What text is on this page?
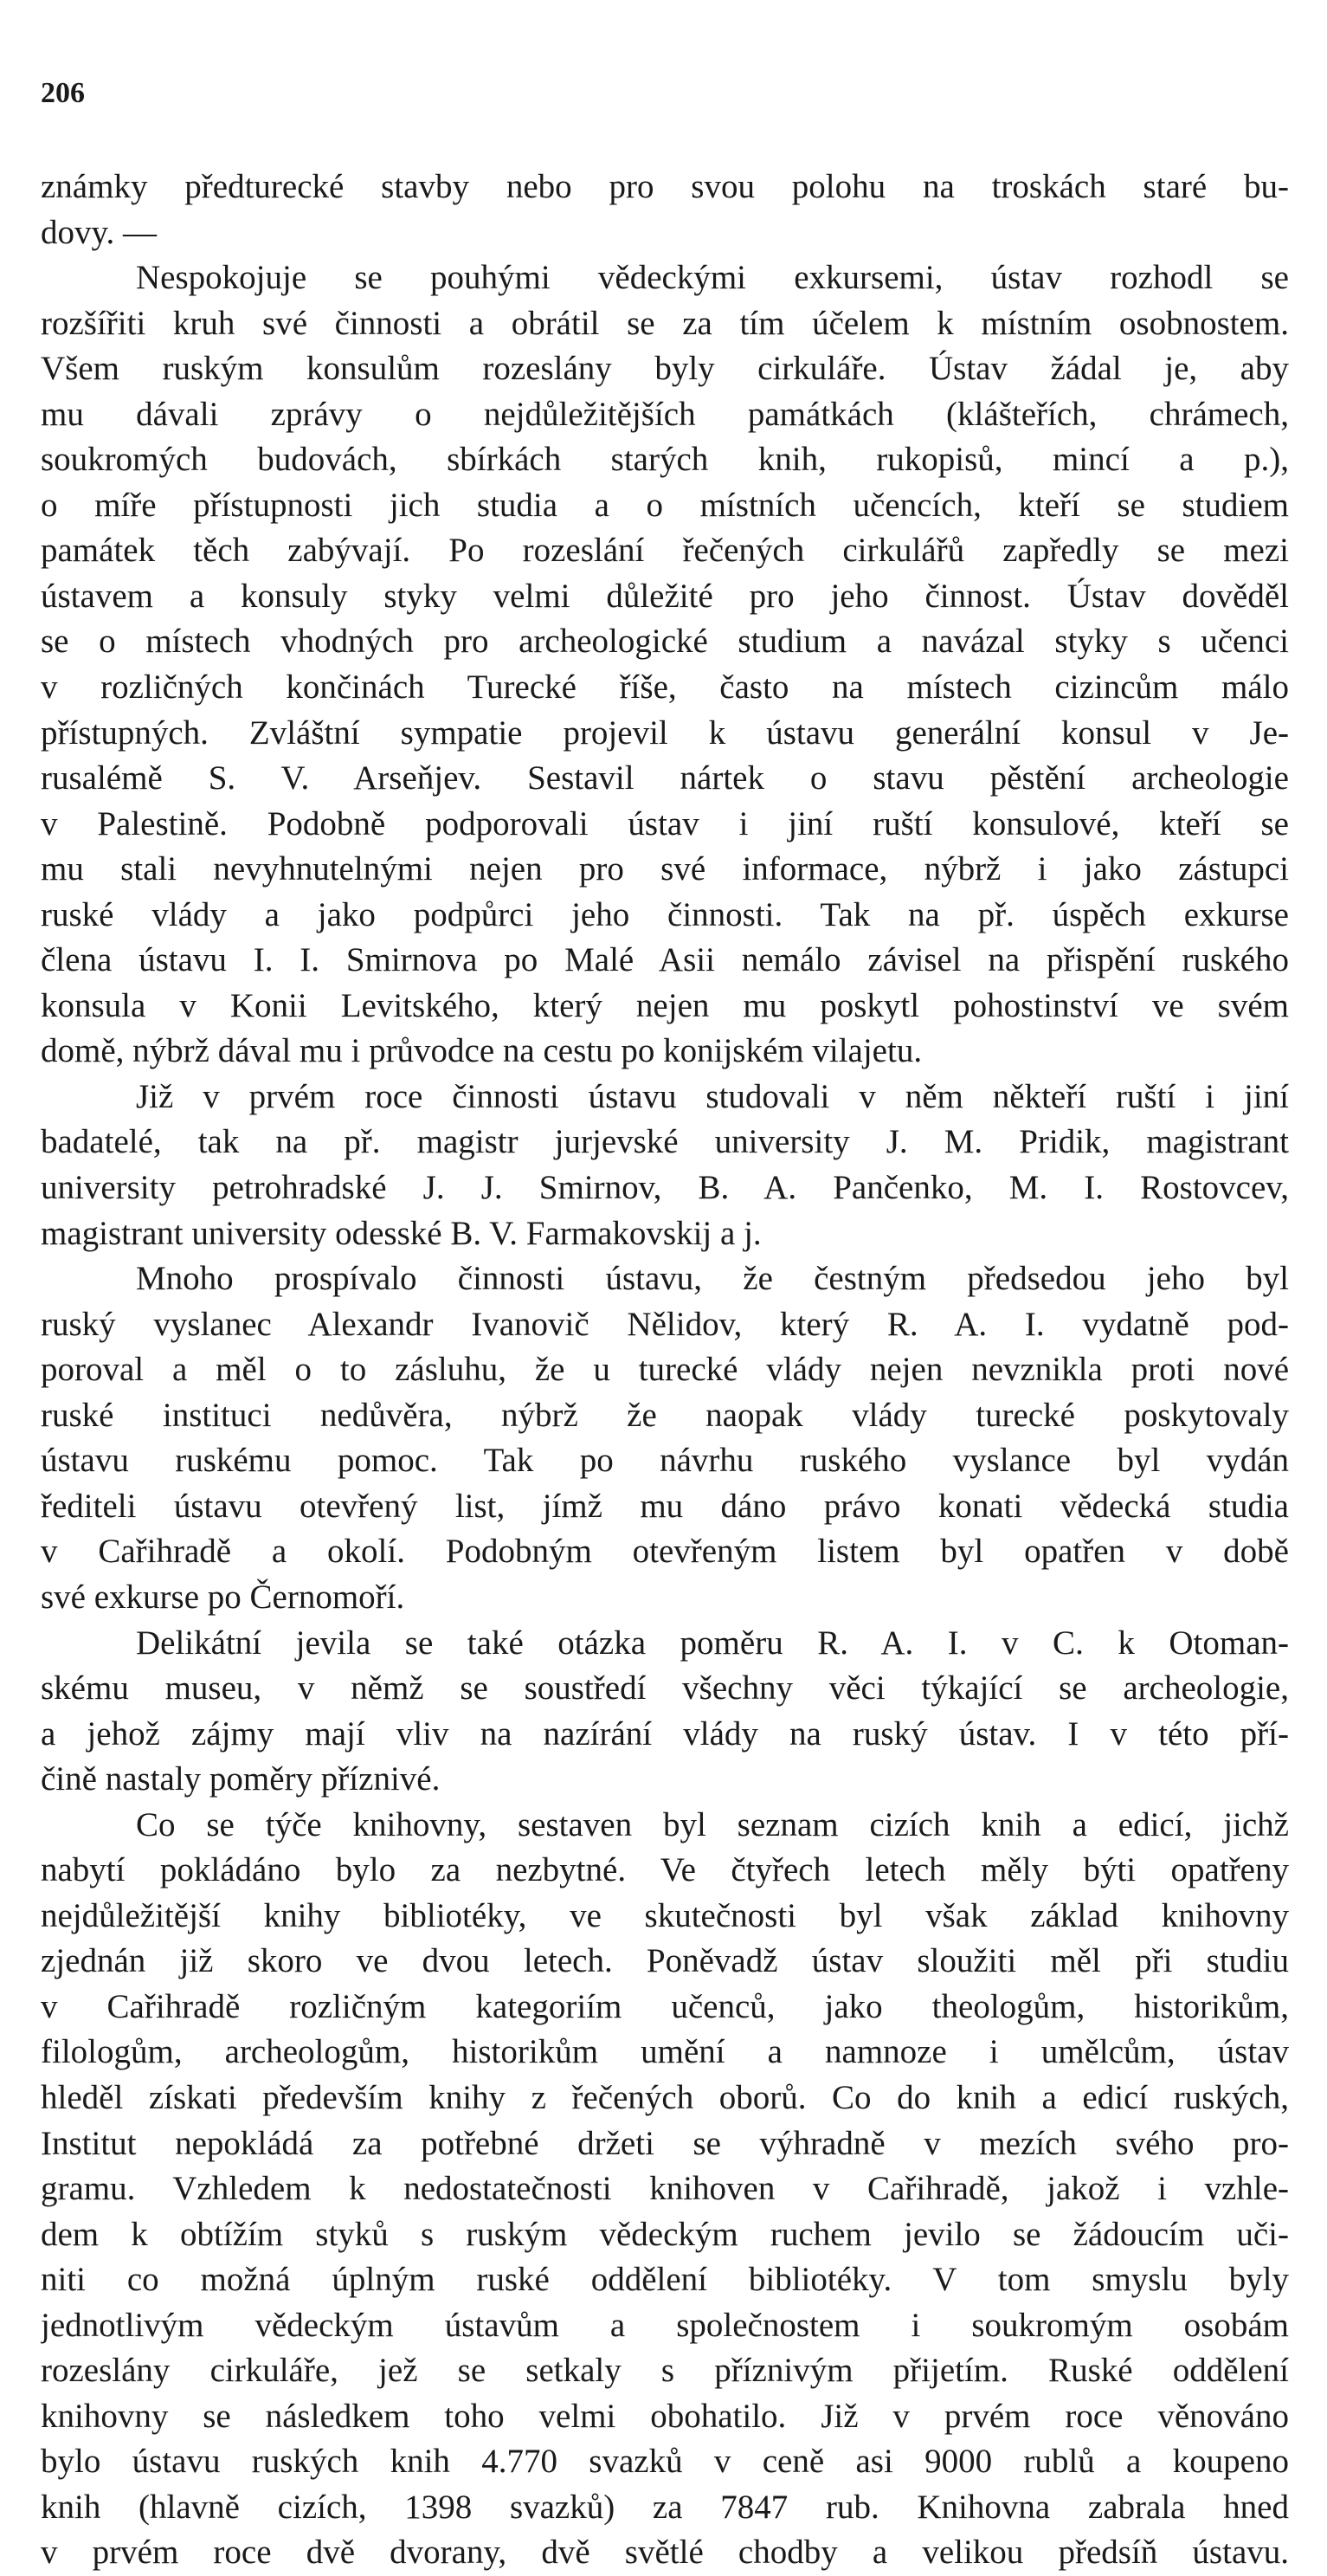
206
známky předturecké stavby nebo pro svou polohu na troskách staré bu-
dovy. —
Nespokojuje se pouhými vědeckými exkursemi, ústav rozhodl se
rozšířiti kruh své činnosti a obrátil se za tím účelem k místním osobnostem.
Všem ruským konsulům rozeslány byly cirkuláře. Ústav žádal je, aby
mu dávali zprávy o nejdůležitějších památkách (klášteřích, chrámech,
soukromých budovách, sbírkách starých knih, rukopisů, mincí a p.),
o míře přístupnosti jich studia a o místních učencích, kteří se studiem
památek těch zabývají. Po rozeslání řečených cirkulářů zapředly se mezi
ústavem a konsuly styky velmi důležité pro jeho činnost. Ústav dověděl
se o místech vhodných pro archeologické studium a navázal styky s učenci
v rozličných končinách Turecké říše, často na místech cizincům málo
přístupných. Zvláštní sympatie projevil k ústavu generální konsul v Je-
rusalémě S. V. Arseňjev. Sestavil nártek o stavu pěstění archeologie
v Palestině. Podobně podporovali ústav i jiní ruští konsulové, kteří se
mu stali nevyhnutelnými nejen pro své informace, nýbrž i jako zástupci
ruské vlády a jako podpůrci jeho činnosti. Tak na př. úspěch exkurse
člena ústavu I. I. Smirnova po Malé Asii nemálo závisel na přispění ruského
konsula v Konii Levitského, který nejen mu poskytl pohostinství ve svém
domě, nýbrž dával mu i průvodce na cestu po konijském vilajetu.
Již v prvém roce činnosti ústavu studovali v něm někteří ruští i jiní
badatelé, tak na př. magistr jurjevské university J. M. Pridik, magistrant
university petrohradské J. J. Smirnov, B. A. Pančenko, M. I. Rostovcev,
magistrant university odesské B. V. Farmakovskij a j.
Mnoho prospívalo činnosti ústavu, že čestným předsedou jeho byl
ruský vyslanec Alexandr Ivanovič Nělidov, který R. A. I. vydatně pod-
poroval a měl o to zásluhu, že u turecké vlády nejen nevznikla proti nové
ruské instituci nedůvěra, nýbrž že naopak vlády turecké poskytovaly
ústavu ruskému pomoc. Tak po návrhu ruského vyslance byl vydán
řediteli ústavu otevřený list, jímž mu dáno právo konati vědecká studia
v Cařihradě a okolí. Podobným otevřeným listem byl opatřen v době
své exkurse po Černomoří.
Delikátní jevila se také otázka poměru R. A. I. v C. k Otoman-
skému museu, v němž se soustředí všechny věci týkající se archeologie,
a jehož zájmy mají vliv na nazírání vlády na ruský ústav. I v této pří-
čině nastaly poměry příznivé.
Co se týče knihovny, sestaven byl seznam cizích knih a edicí, jichž
nabytí pokládáno bylo za nezbytné. Ve čtyřech letech měly býti opatřeny
nejdůležitější knihy bibliotéky, ve skutečnosti byl však základ knihovny
zjednán již skoro ve dvou letech. Poněvadž ústav sloužiti měl při studiu
v Cařihradě rozličným kategoriím učenců, jako theologům, historikům,
filologům, archeologům, historikům umění a namnoze i umělcům, ústav
hleděl získati především knihy z řečených oborů. Co do knih a edicí ruských,
Institut nepokládá za potřebné držeti se výhradně v mezích svého pro-
gramu. Vzhledem k nedostatečnosti knihoven v Cařihradě, jakož i vzhle-
dem k obtížím styků s ruským vědeckým ruchem jevilo se žádoucím uči-
niti co možná úplným ruské oddělení bibliotéky. V tom smyslu byly
jednotlivým vědeckým ústavům a společnostem i soukromým osobám
rozeslány cirkuláře, jež se setkaly s příznivým přijetím. Ruské oddělení
knihovny se následkem toho velmi obohatilo. Již v prvém roce věnováno
bylo ústavu ruských knih 4.770 svazků v ceně asi 9000 rublů a koupeno
knih (hlavně cizích, 1398 svazků) za 7847 rub. Knihovna zabrala hned
v prvém roce dvě dvorany, dvě světlé chodby a velikou předsíň ústavu.
